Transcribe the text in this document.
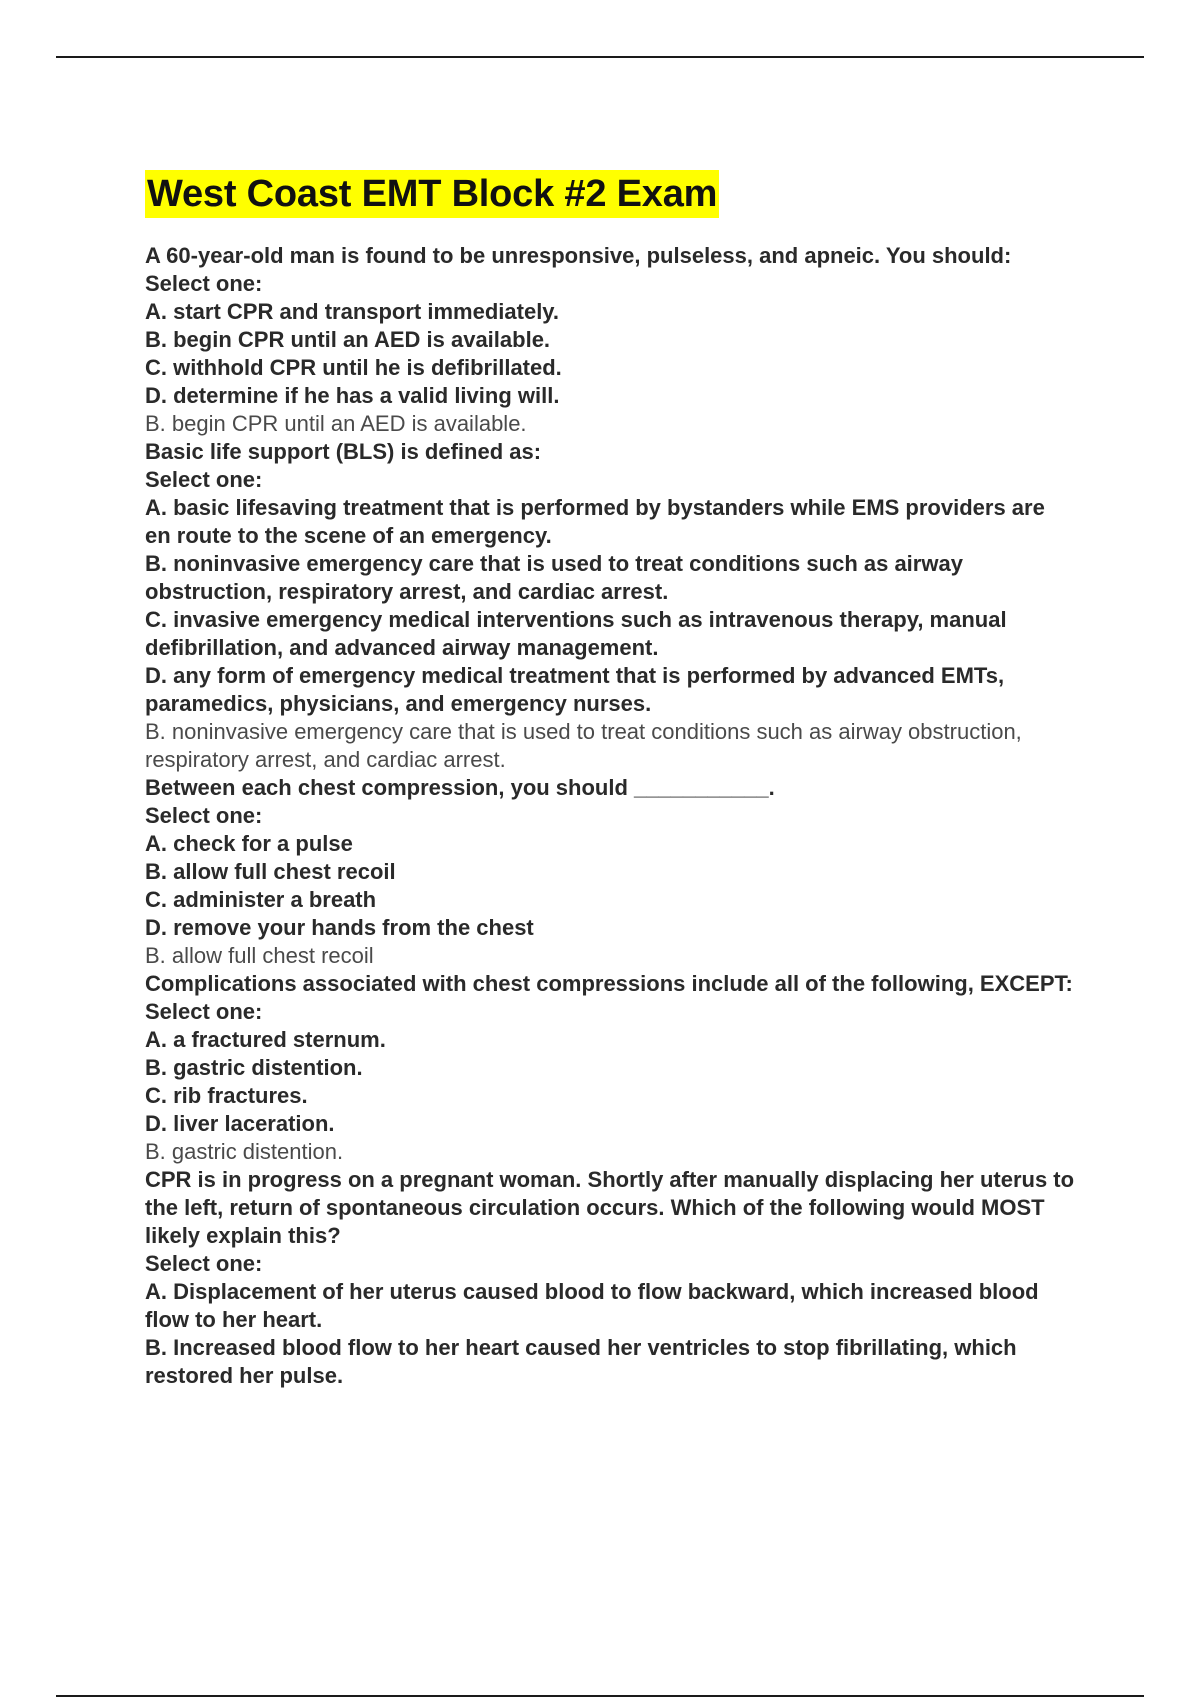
West Coast EMT Block #2 Exam

A 60-year-old man is found to be unresponsive, pulseless, and apneic. You should:

Select one:

A. start CPR and transport immediately.

B. begin CPR until an AED is available.

C. withhold CPR until he is defibrillated.

D. determine if he has a valid living will.

B. begin CPR until an AED is available.

Basic life support (BLS) is defined as:

Select one:

A. basic lifesaving treatment that is performed by bystanders while EMS providers are en route to the scene of an emergency.

B. noninvasive emergency care that is used to treat conditions such as airway obstruction, respiratory arrest, and cardiac arrest.

C. invasive emergency medical interventions such as intravenous therapy, manual defibrillation, and advanced airway management.

D. any form of emergency medical treatment that is performed by advanced EMTs, paramedics, physicians, and emergency nurses.

B. noninvasive emergency care that is used to treat conditions such as airway obstruction, respiratory arrest, and cardiac arrest.

Between each chest compression, you should ___________.

Select one:

A. check for a pulse

B. allow full chest recoil

C. administer a breath

D. remove your hands from the chest

B. allow full chest recoil

Complications associated with chest compressions include all of the following, EXCEPT:

Select one:

A. a fractured sternum.

B. gastric distention.

C. rib fractures.

D. liver laceration.

B. gastric distention.

CPR is in progress on a pregnant woman. Shortly after manually displacing her uterus to the left, return of spontaneous circulation occurs. Which of the following would MOST likely explain this?

Select one:

A. Displacement of her uterus caused blood to flow backward, which increased blood flow to her heart.

B. Increased blood flow to her heart caused her ventricles to stop fibrillating, which restored her pulse.
